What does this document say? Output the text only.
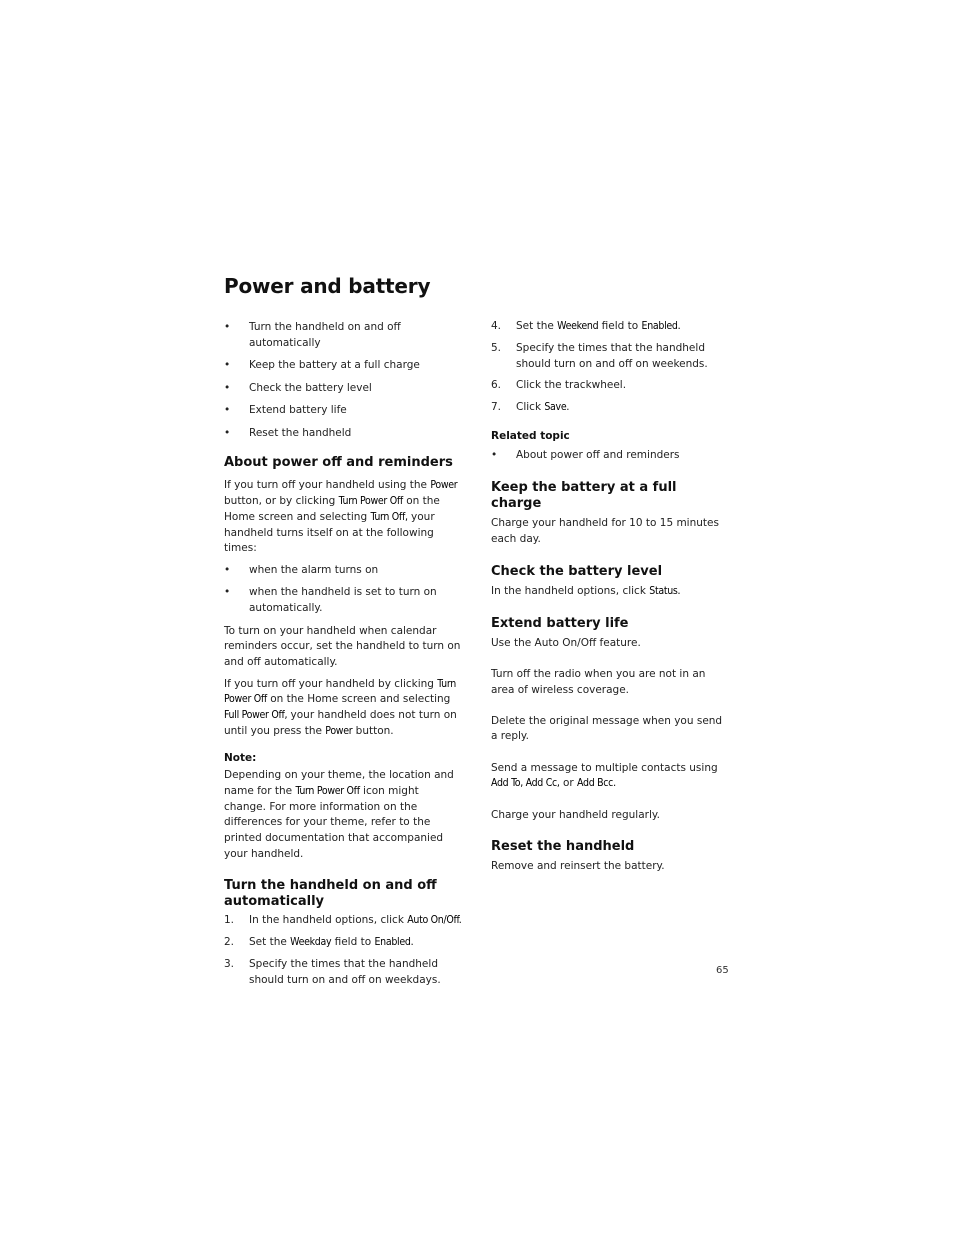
Power and battery
• Turn the handheld on and off automatically
• Keep the battery at a full charge
• Check the battery level
• Extend battery life
• Reset the handheld
About power off and reminders

If you turn off your handheld using the Power button, or by clicking Turn Power Off on the Home screen and selecting Turn Off, your handheld turns itself on at the following times:

• when the alarm turns on
• when the handheld is set to turn on automatically.

To turn on your handheld when calendar reminders occur, set the handheld to turn on and off automatically.

If you turn off your handheld by clicking Turn Power Off on the Home screen and selecting Full Power Off, your handheld does not turn on until you press the Power button.

Note:

Depending on your theme, the location and name for the Turn Power Off icon might change. For more information on the differences for your theme, refer to the printed documentation that accompanied your handheld.

Turn the handheld on and off automatically
1. In the handheld options, click Auto On/Off.
2. Set the Weekday field to Enabled.
3. Specify the times that the handheld should turn on and off on weekdays.
4. Set the Weekend field to Enabled.
5. Specify the times that the handheld should turn on and off on weekends.
6. Click the trackwheel.
7. Click Save.

Related topic

• About power off and reminders
Keep the battery at a full charge

Charge your handheld for 10 to 15 minutes each day.

Check the battery level

In the handheld options, click Status.

Extend battery life

Use the Auto On/Off feature.

Turn off the radio when you are not in an area of wireless coverage.

Delete the original message when you send a reply.

Send a message to multiple contacts using Add To, Add Cc, or Add Bcc.

Charge your handheld regularly.

Reset the handheld

Remove and reinsert the battery.

65
